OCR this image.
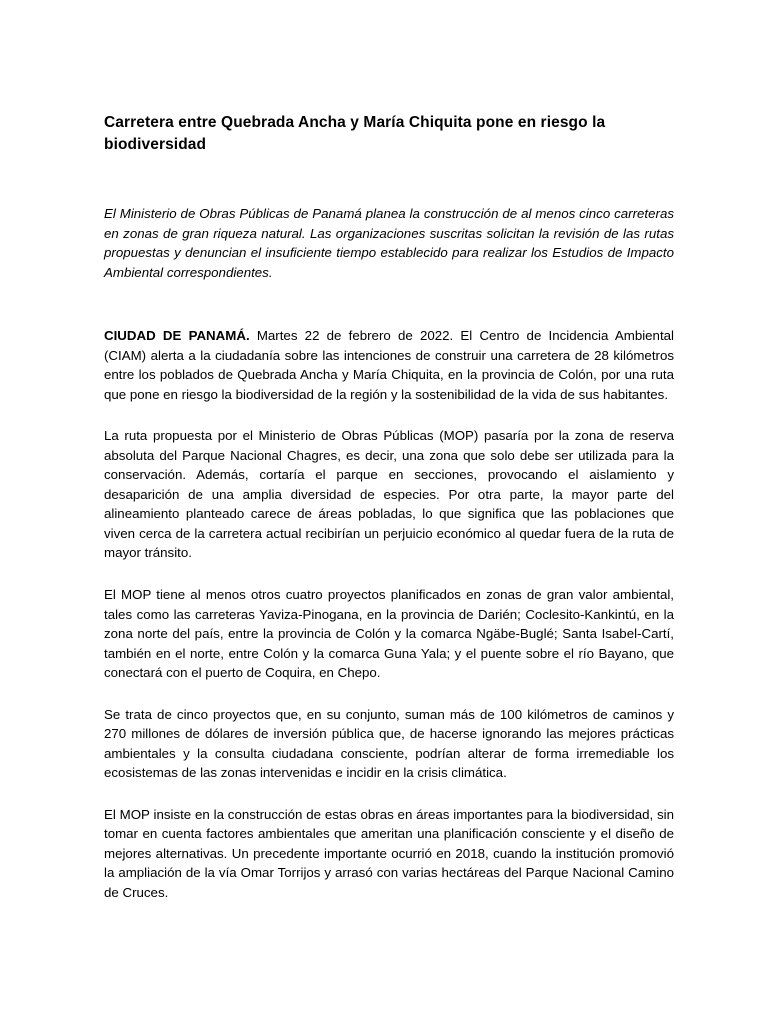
Carretera entre Quebrada Ancha y María Chiquita pone en riesgo la biodiversidad

El Ministerio de Obras Públicas de Panamá planea la construcción de al menos cinco carreteras en zonas de gran riqueza natural. Las organizaciones suscritas solicitan la revisión de las rutas propuestas y denuncian el insuficiente tiempo establecido para realizar los Estudios de Impacto Ambiental correspondientes.

CIUDAD DE PANAMÁ. Martes 22 de febrero de 2022. El Centro de Incidencia Ambiental (CIAM) alerta a la ciudadanía sobre las intenciones de construir una carretera de 28 kilómetros entre los poblados de Quebrada Ancha y María Chiquita, en la provincia de Colón, por una ruta que pone en riesgo la biodiversidad de la región y la sostenibilidad de la vida de sus habitantes.

La ruta propuesta por el Ministerio de Obras Públicas (MOP) pasaría por la zona de reserva absoluta del Parque Nacional Chagres, es decir, una zona que solo debe ser utilizada para la conservación. Además, cortaría el parque en secciones, provocando el aislamiento y desaparición de una amplia diversidad de especies. Por otra parte, la mayor parte del alineamiento planteado carece de áreas pobladas, lo que significa que las poblaciones que viven cerca de la carretera actual recibirían un perjuicio económico al quedar fuera de la ruta de mayor tránsito.

El MOP tiene al menos otros cuatro proyectos planificados en zonas de gran valor ambiental, tales como las carreteras Yaviza-Pinogana, en la provincia de Darién; Coclesito-Kankintú, en la zona norte del país, entre la provincia de Colón y la comarca Ngäbe-Buglé; Santa Isabel-Cartí, también en el norte, entre Colón y la comarca Guna Yala; y el puente sobre el río Bayano, que conectará con el puerto de Coquira, en Chepo.

Se trata de cinco proyectos que, en su conjunto, suman más de 100 kilómetros de caminos y 270 millones de dólares de inversión pública que, de hacerse ignorando las mejores prácticas ambientales y la consulta ciudadana consciente, podrían alterar de forma irremediable los ecosistemas de las zonas intervenidas e incidir en la crisis climática.

El MOP insiste en la construcción de estas obras en áreas importantes para la biodiversidad, sin tomar en cuenta factores ambientales que ameritan una planificación consciente y el diseño de mejores alternativas. Un precedente importante ocurrió en 2018, cuando la institución promovió la ampliación de la vía Omar Torrijos y arrasó con varias hectáreas del Parque Nacional Camino de Cruces.
